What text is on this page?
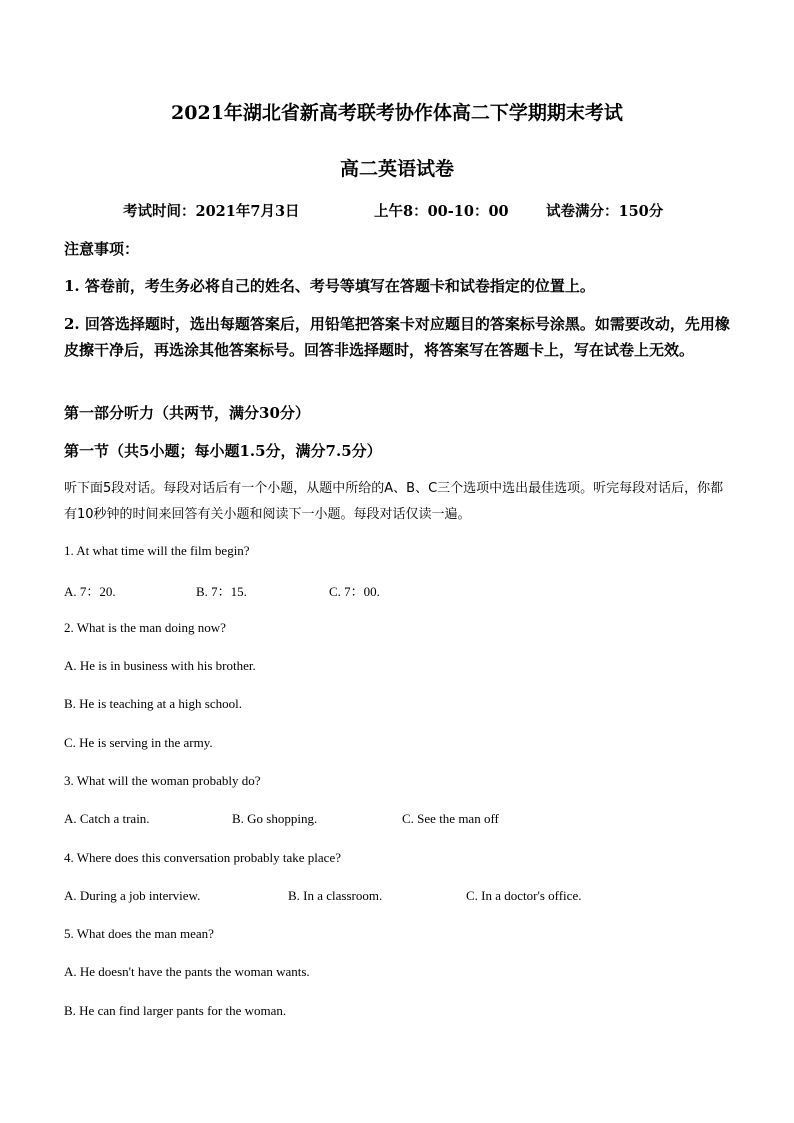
2021年湖北省新高考联考协作体高二下学期期末考试
高二英语试卷
考试时间：2021年7月3日	上午8：00-10：00	试卷满分：150分
注意事项：
1. 答卷前，考生务必将自己的姓名、考号等填写在答题卡和试卷指定的位置上。
2. 回答选择题时，选出每题答案后，用铅笔把答案卡对应题目的答案标号涂黑。如需要改动，先用橡皮擦干净后，再选涂其他答案标号。回答非选择题时，将答案写在答题卡上，写在试卷上无效。
第一部分听力（共两节，满分30分）
第一节（共5小题；每小题1.5分，满分7.5分）
听下面5段对话。每段对话后有一个小题，从题中所给的A、B、C三个选项中选出最佳选项。听完每段对话后，你都有10秒钟的时间来回答有关小题和阅读下一小题。每段对话仅读一遍。
1. At what time will the film begin?
A. 7：20.	B. 7：15.	C. 7：00.
2. What is the man doing now?
A. He is in business with his brother.
B. He is teaching at a high school.
C. He is serving in the army.
3. What will the woman probably do?
A. Catch a train.	B. Go shopping.	C. See the man off
4. Where does this conversation probably take place?
A. During a job interview.	B. In a classroom.	C. In a doctor's office.
5. What does the man mean?
A. He doesn't have the pants the woman wants.
B. He can find larger pants for the woman.
